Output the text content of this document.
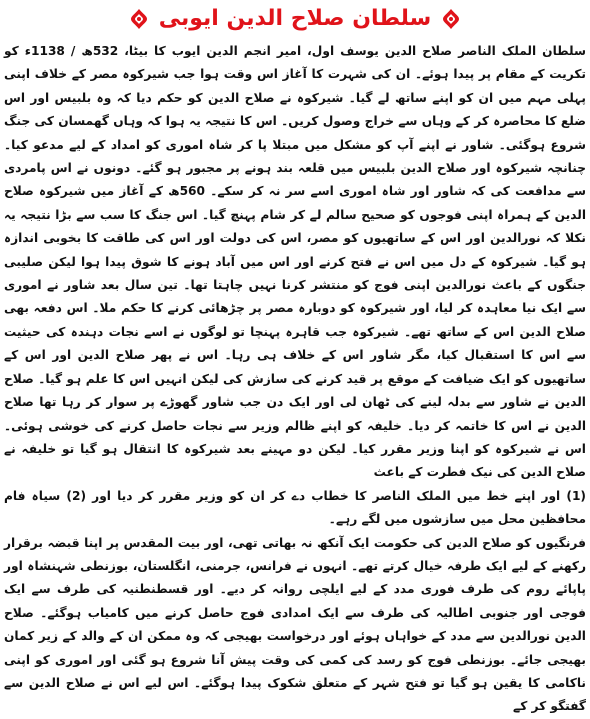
سلطان صلاح الدین ایوبی

سلطان الملک الناصر صلاح الدین یوسف اول، امیر انجم الدین ایوب کا بیٹا، 532ھ / 1138ء کو تکریت کے مقام پر پیدا ہوئے۔ ان کی شہرت کا آغاز اس وقت ہوا جب شیرکوہ مصر کے خلاف اپنی پہلی مہم میں ان کو اپنے ساتھ لے گیا۔ شیرکوہ نے صلاح الدین کو حکم دیا کہ وہ بلبیس اور اس ضلع کا محاصرہ کر کے وہاں سے خراج وصول کریں۔ اس کا نتیجہ یہ ہوا کہ وہاں گھمسان کی جنگ شروع ہوگئی۔ شاور نے اپنے آپ کو مشکل میں مبتلا پا کر شاہ اموری کو امداد کے لیے مدعو کیا۔ چنانچہ شیرکوہ اور صلاح الدین بلبیس میں قلعہ بند ہونے پر مجبور ہو گئے۔ دونوں نے اس پامردی سے مدافعت کی کہ شاور اور شاہ اموری اسے سر نہ کر سکے۔ 560ھ کے آغاز میں شیرکوہ صلاح الدین کے ہمراہ اپنی فوجوں کو صحیح سالم لے کر شام پہنچ گیا۔ اس جنگ کا سب سے بڑا نتیجہ یہ نکلا کہ نورالدین اور اس کے ساتھیوں کو مصر، اس کی دولت اور اس کی طاقت کا بخوبی اندازہ ہو گیا۔ شیرکوہ کے دل میں اس نے فتح کرنے اور اس میں آباد ہونے کا شوق پیدا ہوا لیکن صلیبی جنگوں کے باعث نورالدین اپنی فوج کو منتشر کرنا نہیں چاہتا تھا۔ تین سال بعد شاور نے اموری سے ایک نیا معاہدہ کر لیا، اور شیرکوہ کو دوبارہ مصر پر چڑھائی کرنے کا حکم ملا۔ اس دفعہ بھی صلاح الدین اس کے ساتھ تھے۔ شیرکوہ جب قاہرہ پہنچا تو لوگوں نے اسے نجات دہندہ کی حیثیت سے اس کا استقبال کیا، مگر شاور اس کے خلاف ہی رہا۔ اس نے پھر صلاح الدین اور اس کے ساتھیوں کو ایک ضیافت کے موقع پر قید کرنے کی سازش کی لیکن انہیں اس کا علم ہو گیا۔ صلاح الدین نے شاور سے بدلہ لینے کی ٹھان لی اور ایک دن جب شاور گھوڑے پر سوار کر رہا تھا صلاح الدین نے اس کا خاتمہ کر دیا۔ خلیفہ کو اپنے ظالم وزیر سے نجات حاصل کرنے کی خوشی ہوئی۔ اس نے شیرکوہ کو اپنا وزیر مقرر کیا۔ لیکن دو مہینے بعد شیرکوہ کا انتقال ہو گیا تو خلیفہ نے صلاح الدین کی نیک فطرت کے باعث

(1) اور اپنے خط میں الملک الناصر کا خطاب دے کر ان کو وزیر مقرر کر دیا اور (2) سیاہ فام محافظین محل میں سازشوں میں لگے رہے۔

فرنگیوں کو صلاح الدین کی حکومت ایک آنکھ نہ بھاتی تھی، اور بیت المقدس پر اپنا قبضہ برقرار رکھنے کے لیے ایک طرفہ خیال کرتے تھے۔ انہوں نے فرانس، جرمنی، انگلستان، بوزنطی شہنشاہ اور پاپائے روم کی طرف فوری مدد کے لیے ایلچی روانہ کر دیے۔ اور قسطنطنیہ کی طرف سے ایک فوجی اور جنوبی اطالیہ کی طرف سے ایک امدادی فوج حاصل کرنے میں کامیاب ہوگئے۔ صلاح الدین نورالدین سے مدد کے خواہاں ہوئے اور درخواست بھیجی کہ وہ ممکن ان کے والد کے زیر کمان بھیجی جائے۔ بوزنطی فوج کو رسد کی کمی کی وقت پیش آنا شروع ہو گئی اور اموری کو اپنی ناکامی کا یقین ہو گیا تو فتح شہر کے متعلق شکوک پیدا ہوگئے۔ اس لیے اس نے صلاح الدین سے گفتگو کر کے
